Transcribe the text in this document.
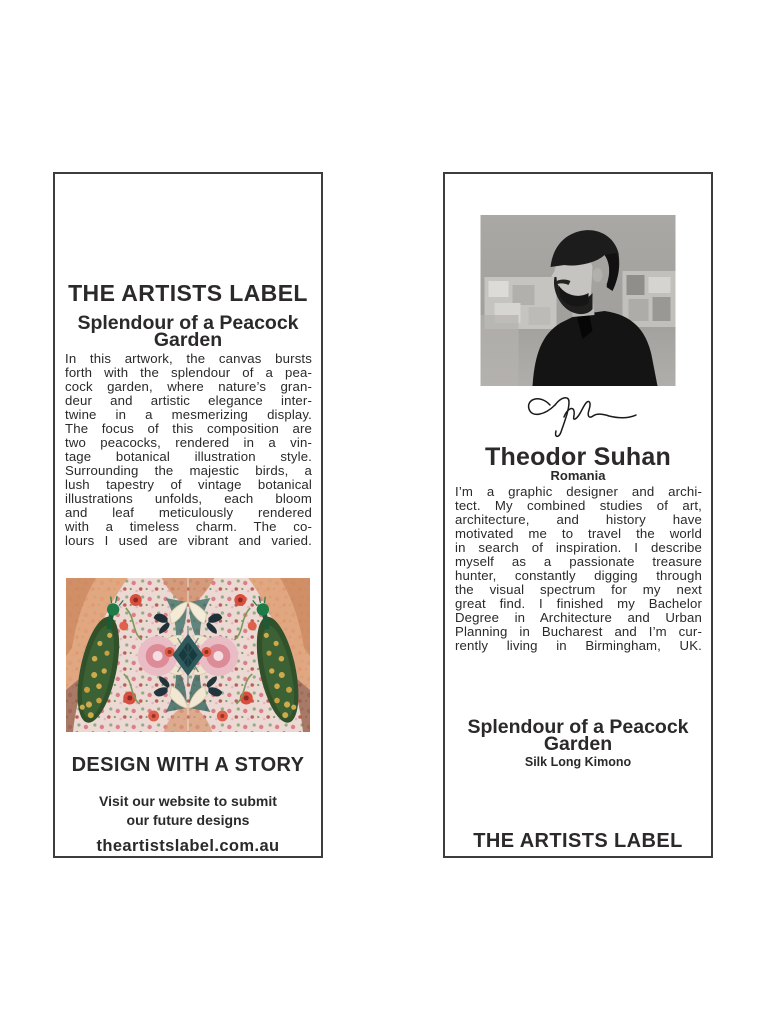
THE ARTISTS LABEL
Splendour of a Peacock Garden
In this artwork, the canvas bursts
forth with the splendour of a pea-
cock garden, where nature’s gran-
deur and artistic elegance inter-
twine in a mesmerizing display.
The focus of this composition are
two peacocks, rendered in a vin-
tage botanical illustration style.
Surrounding the majestic birds, a
lush tapestry of vintage botanical
illustrations unfolds, each bloom
and leaf meticulously rendered
with a timeless charm. The co-
lours I used are vibrant and varied.
DESIGN WITH A STORY
Visit our website to submit
our future designs
theartistslabel.com.au
Theodor Suhan
Romania
I’m a graphic designer and archi-
tect. My combined studies of art,
architecture, and history have
motivated me to travel the world
in search of inspiration. I describe
myself as a passionate treasure
hunter, constantly digging through
the visual spectrum for my next
great find. I finished my Bachelor
Degree in Architecture and Urban
Planning in Bucharest and I’m cur-
rently living in Birmingham, UK.
Splendour of a Peacock Garden
Silk Long Kimono
THE ARTISTS LABEL
